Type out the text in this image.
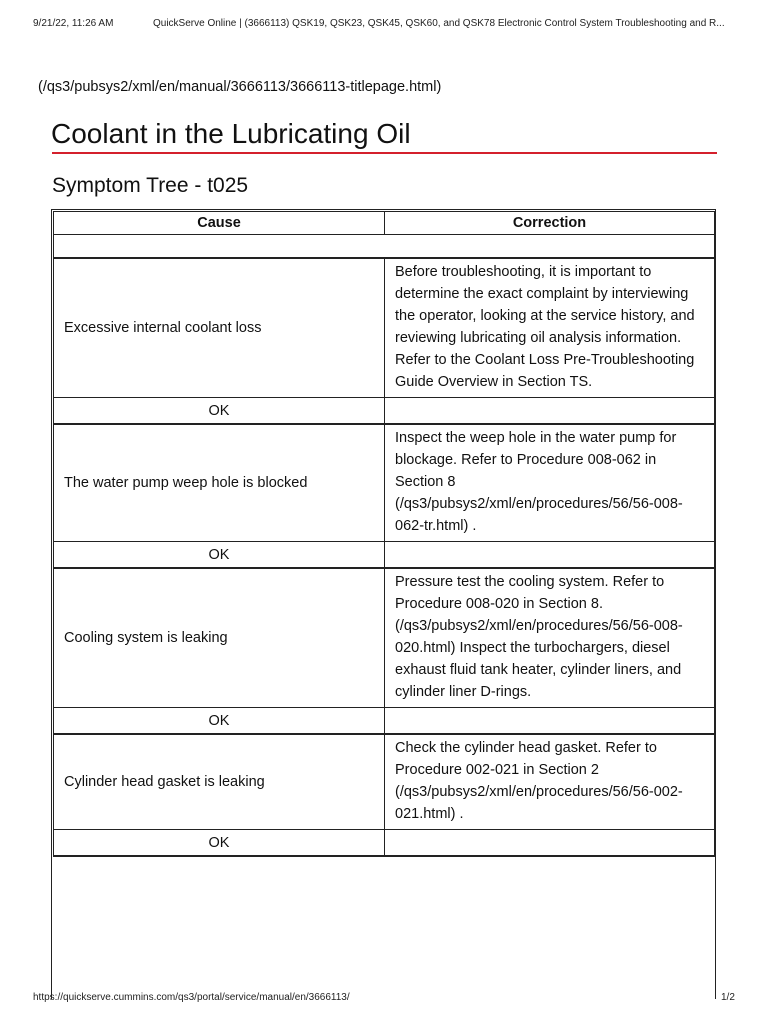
9/21/22, 11:26 AM	QuickServe Online | (3666113) QSK19, QSK23, QSK45, QSK60, and QSK78 Electronic Control System Troubleshooting and R...
(/qs3/pubsys2/xml/en/manual/3666113/3666113-titlepage.html)
Coolant in the Lubricating Oil
Symptom Tree - t025
Cause	Correction

Excessive internal coolant loss	Before troubleshooting, it is important to determine the exact complaint by interviewing the operator, looking at the service history, and reviewing lubricating oil analysis information. Refer to the Coolant Loss Pre-Troubleshooting Guide Overview in Section TS.
OK	
The water pump weep hole is blocked	Inspect the weep hole in the water pump for blockage. Refer to Procedure 008-062 in Section 8 (/qs3/pubsys2/xml/en/procedures/56/56-008-062-tr.html) .
OK	
Cooling system is leaking	Pressure test the cooling system. Refer to Procedure 008-020 in Section 8. (/qs3/pubsys2/xml/en/procedures/56/56-008-020.html) Inspect the turbochargers, diesel exhaust fluid tank heater, cylinder liners, and cylinder liner D-rings.
OK	
Cylinder head gasket is leaking	Check the cylinder head gasket. Refer to Procedure 002-021 in Section 2 (/qs3/pubsys2/xml/en/procedures/56/56-002-021.html) .
OK	
https://quickserve.cummins.com/qs3/portal/service/manual/en/3666113/	1/2
